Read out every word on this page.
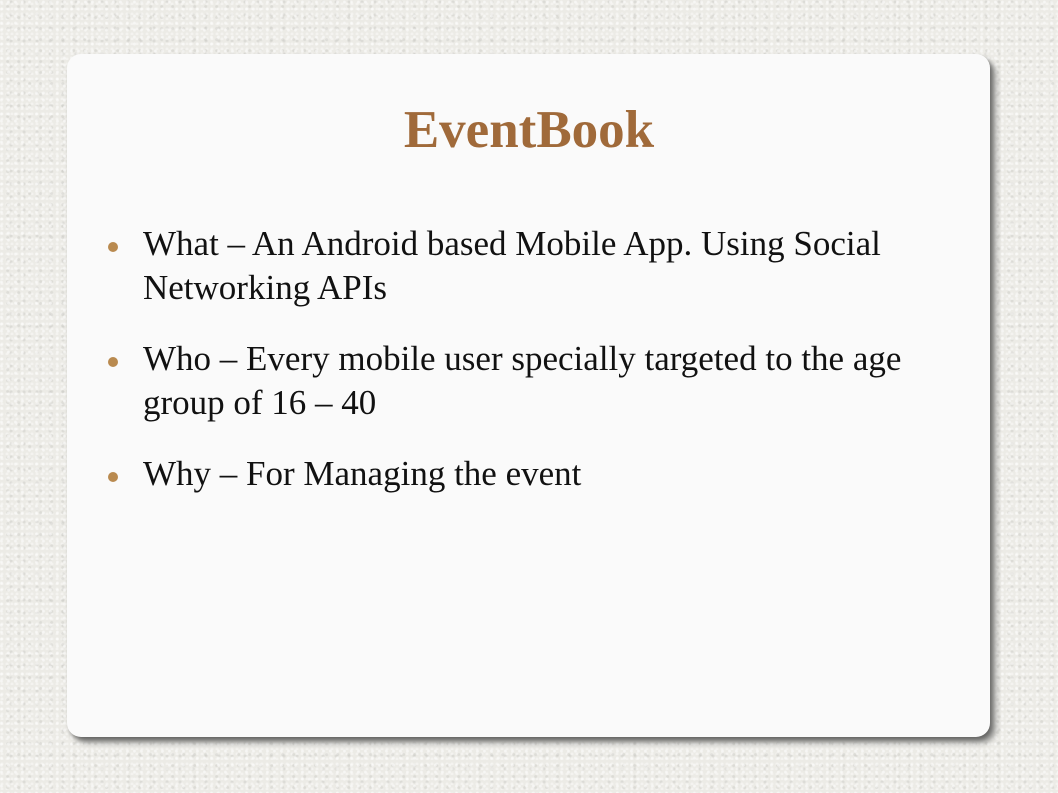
EventBook
What – An Android based Mobile App. Using Social Networking APIs
Who – Every mobile user specially targeted to the age group of 16 – 40
Why – For Managing the event
